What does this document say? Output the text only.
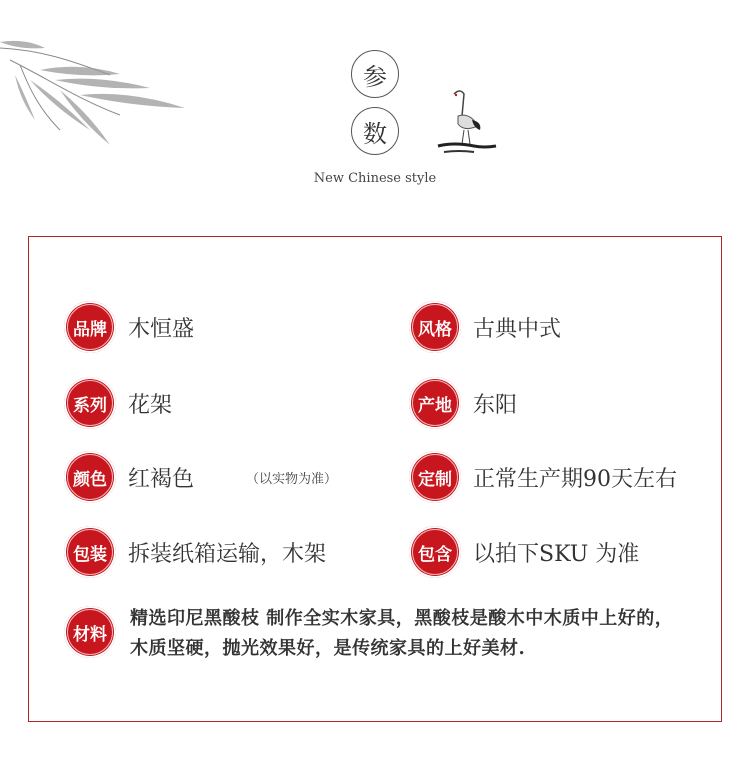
参
数
New Chinese style
品牌 木恒盛
系列 花架
颜色 红褐色	（以实物为准）
包装 拆装纸箱运输，木架
风格 古典中式
产地 东阳
定制 正常生产期90天左右
包含 以拍下SKU 为准
材料
精选印尼黑酸枝 制作全实木家具，黑酸枝是酸木中木质中上好的，木质坚硬，抛光效果好，是传统家具的上好美材.
